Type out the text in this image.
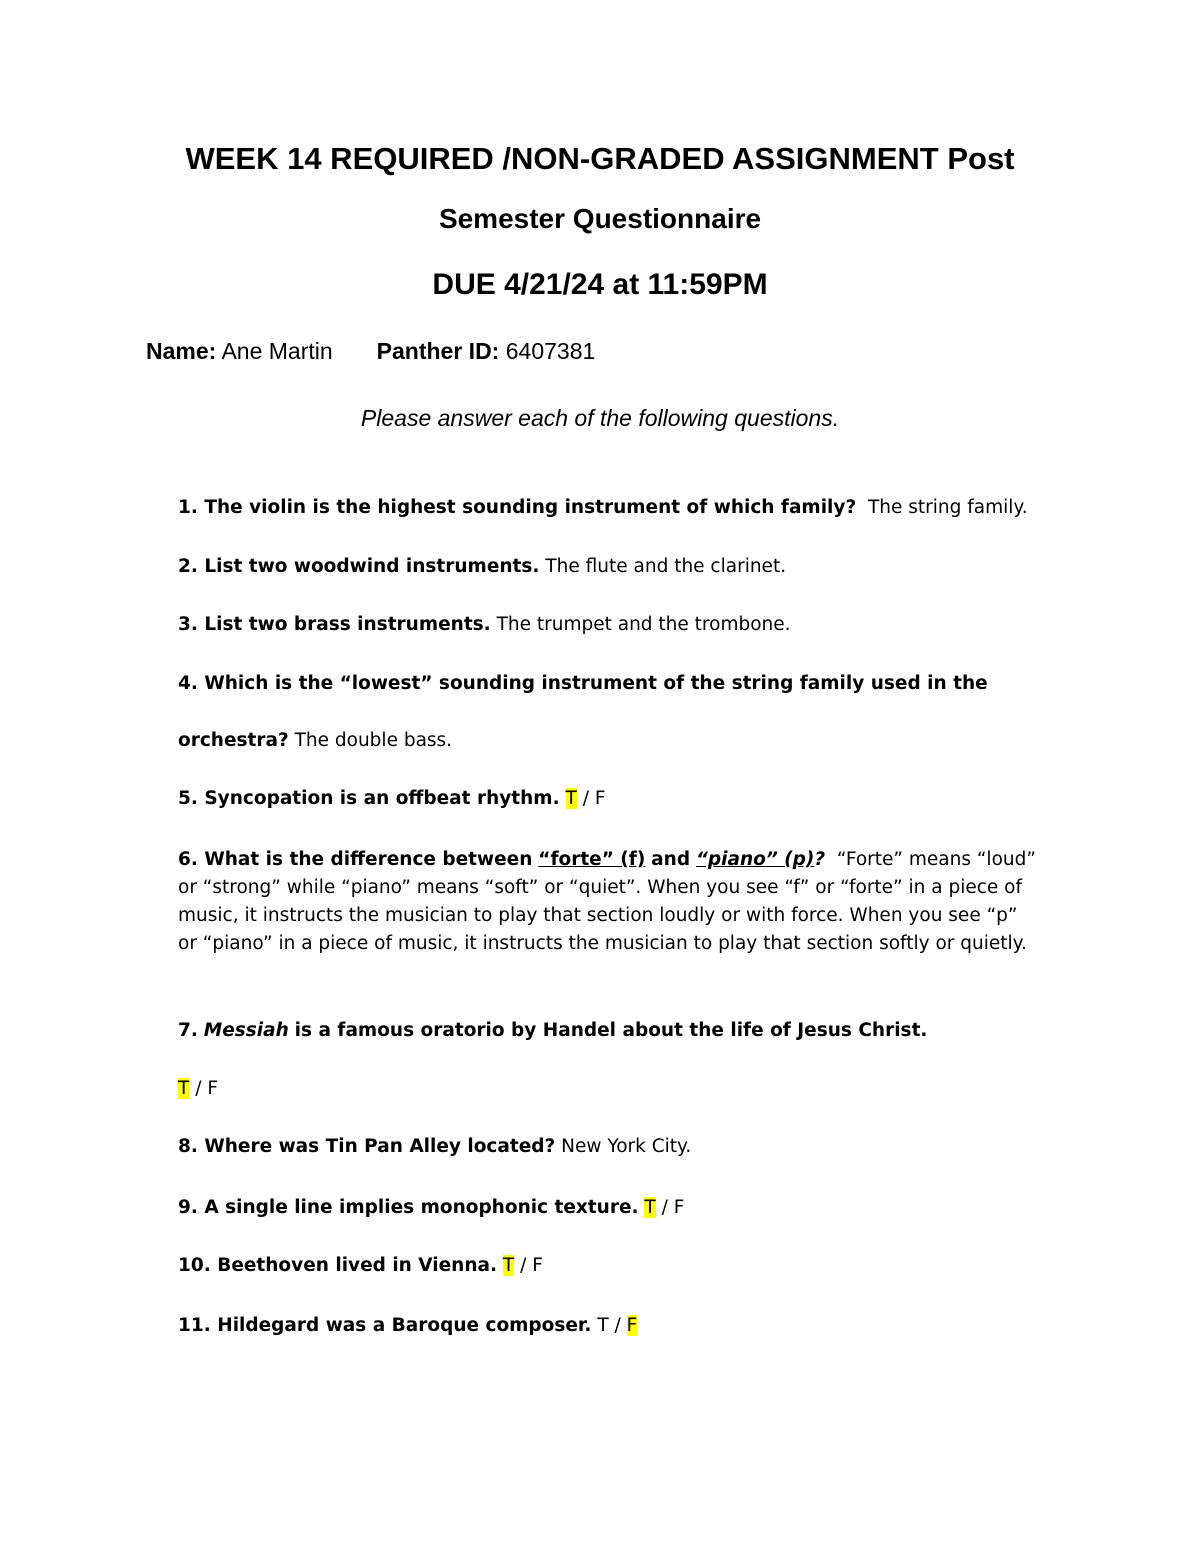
WEEK 14 REQUIRED /NON-GRADED ASSIGNMENT Post
Semester Questionnaire
DUE 4/21/24 at 11:59PM
Name: Ane Martin Panther ID: 6407381
Please answer each of the following questions.
1. The violin is the highest sounding instrument of which family? The string family.
2. List two woodwind instruments. The flute and the clarinet.
3. List two brass instruments. The trumpet and the trombone.
4. Which is the “lowest” sounding instrument of the string family used in the
orchestra? The double bass.
5. Syncopation is an offbeat rhythm. T / F
6. What is the difference between “forte” (f) and “piano” (p)? “Forte” means “loud” or “strong” while “piano” means “soft” or “quiet”. When you see “f” or “forte” in a piece of music, it instructs the musician to play that section loudly or with force. When you see “p” or “piano” in a piece of music, it instructs the musician to play that section softly or quietly.
7. Messiah is a famous oratorio by Handel about the life of Jesus Christ.
T / F
8. Where was Tin Pan Alley located? New York City.
9. A single line implies monophonic texture. T / F
10. Beethoven lived in Vienna. T / F
11. Hildegard was a Baroque composer. T / F
